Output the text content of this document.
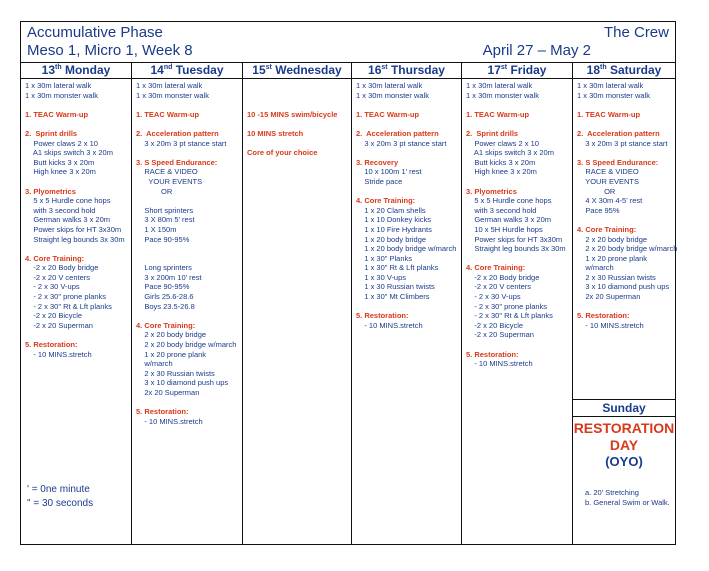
Accumulative Phase	The Crew
Meso 1, Micro 1, Week 8	April 27 – May 2
13th Monday
1 x 30m lateral walk
1 x 30m monster walk
1. TEAC Warm-up
2.  Sprint drills
Power claws 2 x 10
A1 skips switch 3 x 20m
Butt kicks 3 x 20m
High knee 3 x 20m
3. Plyometrics
5 x 5 Hurdle cone hops
with 3 second hold
German walks 3 x 20m
Power skips for HT 3x30m
Straight leg bounds 3x 30m
4. Core Training:
-2 x 20 Body bridge
-2 x 20 V centers
- 2 x 30 V-ups
- 2 x 30" prone planks
- 2 x 30" Rt & Lft planks
-2 x 20 Bicycle
-2 x 20 Superman
5. Restoration:
- 10 MINS.stretch
' = 0ne minute
" = 30 seconds
14nd Tuesday
1 x 30m lateral walk
1 x 30m monster walk
1. TEAC Warm-up
2.  Acceleration pattern
3 x 20m 3 pt stance start
3. S Speed Endurance:
RACE & VIDEO
YOUR EVENTS
OR

Short sprinters
3 X 80m 5' rest
1 X 150m
Pace 90-95%

Long sprinters
3 x 200m 10' rest
Pace 90-95%
Girls 25.6-28.6
Boys 23.5-26.8
4. Core Training:
2 x 20 body bridge
2 x 20 body bridge w/march
1 x 20 prone plank
w/march
2 x 30 Russian twists
3 x 10 diamond push ups
2x 20 Superman
5. Restoration:
- 10 MINS.stretch
15st Wednesday

10 -15 MINS swim/bicycle
10 MINS stretch
Core of your choice
16st Thursday
1 x 30m lateral walk
1 x 30m monster walk
1. TEAC Warm-up
2.  Acceleration pattern
3 x 20m 3 pt stance start
3. Recovery
10 x 100m 1' rest
Stride pace
4. Core Training:
1 x 20 Clam shells
1 x 10 Donkey kicks
1 x 10 Fire Hydrants
1 x 20 body bridge
1 x 20 body bridge w/march
1 x 30" Planks
1 x 30" Rt & Lft planks
1 x 30 V-ups
1 x 30 Russian twists
1 x 30" Mt Climbers
5. Restoration:
- 10 MINS.stretch
17st Friday
1 x 30m lateral walk
1 x 30m monster walk
1. TEAC Warm-up
2.  Sprint drills
Power claws 2 x 10
A1 skips switch 3 x 20m
Butt kicks 3 x 20m
High knee 3 x 20m
3. Plyometrics
5 x 5 Hurdle cone hops
with 3 second hold
German walks 3 x 20m
10 x 5H Hurdle hops
Power skips for HT 3x30m
Straight leg bounds 3x 30m
4. Core Training:
-2 x 20 Body bridge
-2 x 20 V centers
- 2 x 30 V-ups
- 2 x 30" prone planks
- 2 x 30" Rt & Lft planks
-2 x 20 Bicycle
-2 x 20 Superman
5. Restoration:
- 10 MINS.stretch
18th Saturday
1 x 30m lateral walk
1 x 30m monster walk
1. TEAC Warm-up
2.  Acceleration pattern
3 x 20m 3 pt stance start
3. S Speed Endurance:
RACE & VIDEO
YOUR EVENTS
OR
4 X 30m 4-5' rest
Pace 95%
4. Core Training:
2 x 20 body bridge
2 x 20 body bridge w/march
1 x 20 prone plank
w/march
2 x 30 Russian twists
3 x 10 diamond push ups
2x 20 Superman
5. Restoration:
- 10 MINS.stretch
Sunday
RESTORATION
DAY
(OYO)
a. 20' Stretching
b. General Swim or Walk.
